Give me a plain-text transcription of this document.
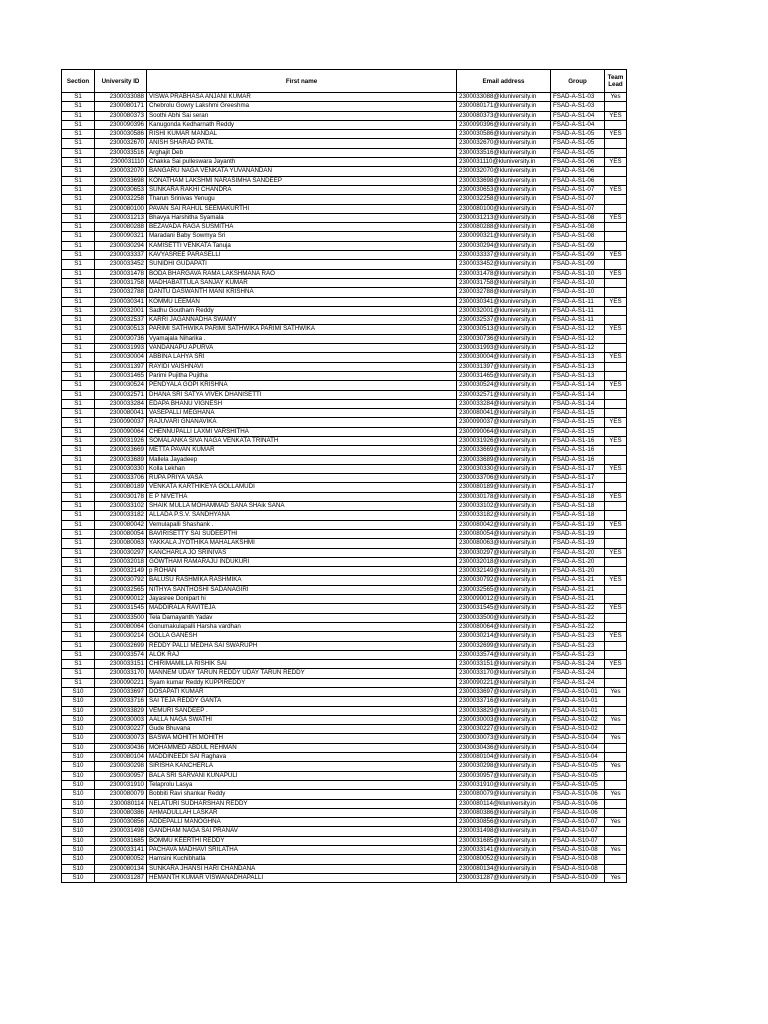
Section	University ID	First name	Email address	Group	Team Lead
S1	2300033088	VISWA PRABHASA ANJANI KUMAR	2300033088@kluniversity.in	FSAD-A-S1-03	Yes
S1	2300080171	Chebrolu Gowry Lakshmi Greeshma	2300080171@kluniversity.in	FSAD-A-S1-03	
S1	2300080373	Soothi Abhi Sai seran	2300080373@kluniversity.in	FSAD-A-S1-04	YES
S1	2300090396	Kanugonda Kedharnath Reddy	2300090396@kluniversity.in	FSAD-A-S1-04	
S1	2300030586	RISHI KUMAR MANDAL	2300030586@kluniversity.in	FSAD-A-S1-05	YES
S1	2300032670	ANISH SHARAD PATIL	2300032670@kluniversity.in	FSAD-A-S1-05	
S1	2300033516	Arghajit Deb	2300033516@kluniversity.in	FSAD-A-S1-05	
S1	2300031110	Chakka Sai pulleswara Jayanth	2300031110@kluniversity.in	FSAD-A-S1-06	YES
S1	2300032070	BANGARU NAGA VENKATA YUVANANDAN	2300032070@kluniversity.in	FSAD-A-S1-06	
S1	2300033698	KONATHAM LAKSHMI NARASIMHA SANDEEP	2300033698@kluniversity.in	FSAD-A-S1-06	
S1	2300030653	SUNKARA RAKHI CHANDRA	2300030653@kluniversity.in	FSAD-A-S1-07	YES
S1	2300032258	Tharun Srinivas Yenugu	2300032258@kluniversity.in	FSAD-A-S1-07	
S1	2300080100	PAVAN SAI RAHUL SEEMAKURTHI	2300080100@kluniversity.in	FSAD-A-S1-07	
S1	2300031213	Bhavya Harshitha Syamala	2300031213@kluniversity.in	FSAD-A-S1-08	YES
S1	2300080288	BEZAVADA RAGA SUSMITHA	2300080288@kluniversity.in	FSAD-A-S1-08	
S1	2300090321	Maradani Baby Sowmya Sri	2300090321@kluniversity.in	FSAD-A-S1-08	
S1	2300030294	KAMISETTI VENKATA Tanuja	2300030294@kluniversity.in	FSAD-A-S1-09	
S1	2300033337	KAVYASREE PARASELLI	2300033337@kluniversity.in	FSAD-A-S1-09	YES
S1	2300033452	SUNIDHI GUDAPATI	2300033452@kluniversity.in	FSAD-A-S1-09	
S1	2300031478	BODA BHARGAVA RAMA LAKSHMANA RAO	2300031478@kluniversity.in	FSAD-A-S1-10	YES
S1	2300031758	MADHABATTULA SANJAY KUMAR	2300031758@kluniversity.in	FSAD-A-S1-10	
S1	2300032788	DANTU DASWANTH MANI KRISHNA	2300032788@kluniversity.in	FSAD-A-S1-10	
S1	2300030341	KOMMU LEEMAN	2300030341@kluniversity.in	FSAD-A-S1-11	YES
S1	2300032001	Sadhu Goutham Reddy	2300032001@kluniversity.in	FSAD-A-S1-11	
S1	2300032537	KARRI JAGANNADHA SWAMY	2300032537@kluniversity.in	FSAD-A-S1-11	
S1	2300030513	PARIMI SATHWIKA PARIMI SATHWIKA PARIMI SATHWIKA	2300030513@kluniversity.in	FSAD-A-S1-12	YES
S1	2300030736	Vyamajala Niharika .	2300030736@kluniversity.in	FSAD-A-S1-12	
S1	2300031993	VANDANAPU APURVA	2300031993@kluniversity.in	FSAD-A-S1-12	
S1	2300030004	ABBINA LAHYA SRI	2300030004@kluniversity.in	FSAD-A-S1-13	YES
S1	2300031397	RAYIDI VAISHNAVI	2300031397@kluniversity.in	FSAD-A-S1-13	
S1	2300031465	Parimi Pujitha Pujitha	2300031465@kluniversity.in	FSAD-A-S1-13	
S1	2300030524	PENDYALA GOPI KRISHNA	2300030524@kluniversity.in	FSAD-A-S1-14	YES
S1	2300032571	DHANA SRI SATYA VIVEK DHANISETTI	2300032571@kluniversity.in	FSAD-A-S1-14	
S1	2300033284	EDAPA BHANU VIGNESH	2300033284@kluniversity.in	FSAD-A-S1-14	
S1	2300080041	VASEPALLI MEGHANA	2300080041@kluniversity.in	FSAD-A-S1-15	
S1	2300090037	RAJUVARI GNANAVIKA	2300090037@kluniversity.in	FSAD-A-S1-15	YES
S1	2300090064	CHENNUPALLI LAXMI VARSHITHA	2300090064@kluniversity.in	FSAD-A-S1-15	
S1	2300031926	SOMALANKA SIVA NAGA VENKATA TRINATH	2300031926@kluniversity.in	FSAD-A-S1-16	YES
S1	2300033669	METTA PAVAN KUMAR	2300033669@kluniversity.in	FSAD-A-S1-16	
S1	2300033689	Mallela Jayadeep	2300033689@kluniversity.in	FSAD-A-S1-16	
S1	2300030330	Kolla Lekhan	2300030330@kluniversity.in	FSAD-A-S1-17	YES
S1	2300033706	RUPA PRIYA VASA	2300033706@kluniversity.in	FSAD-A-S1-17	
S1	2300080189	VENKATA KARTHIKEYA GOLLAMUDI	2300080189@kluniversity.in	FSAD-A-S1-17	
S1	2300030178	E P NIVETHA	2300030178@kluniversity.in	FSAD-A-S1-18	YES
S1	2300033102	SHAIK MULLA MOHAMMAD SANA SHAik SANA	2300033102@kluniversity.in	FSAD-A-S1-18	
S1	2300033182	ALLADA P.S.V. SANDHYANA	2300033182@kluniversity.in	FSAD-A-S1-18	
S1	2300080042	Vemulapalli Shashank .	2300080042@kluniversity.in	FSAD-A-S1-19	YES
S1	2300080054	BAVIRISETTY SAI SUDEEPTHI	2300080054@kluniversity.in	FSAD-A-S1-19	
S1	2300080063	YAKKALA JYOTHIKA MAHALAKSHMI	2300080063@kluniversity.in	FSAD-A-S1-19	
S1	2300030297	KANCHARLA JO SRINIVAS	2300030297@kluniversity.in	FSAD-A-S1-20	YES
S1	2300032018	GOWTHAM RAMARAJU INDUKURI	2300032018@kluniversity.in	FSAD-A-S1-20	
S1	2300032149	p ROHAN	2300032149@kluniversity.in	FSAD-A-S1-20	
S1	2300030792	BALUSU RASHMIKA RASHMIKA	2300030792@kluniversity.in	FSAD-A-S1-21	YES
S1	2300032565	NITHYA SANTHOSHI SADANAGIRI	2300032565@kluniversity.in	FSAD-A-S1-21	
S1	2300090012	Jayasree Donipart hi	2300090012@kluniversity.in	FSAD-A-S1-21	
S1	2300031545	MADDIRALA RAVITEJA	2300031545@kluniversity.in	FSAD-A-S1-22	YES
S1	2300033500	Tela Damayanth Yadav	2300033500@kluniversity.in	FSAD-A-S1-22	
S1	2300080064	Gonumakulapalli Harsha vardhan	2300080064@kluniversity.in	FSAD-A-S1-22	
S1	2300030214	GOLLA GANESH	2300030214@kluniversity.in	FSAD-A-S1-23	YES
S1	2300032699	REDDY PALLI MEDHA SAI SWARUPH	2300032699@kluniversity.in	FSAD-A-S1-23	
S1	2300033574	ALOK RAJ	2300033574@kluniversity.in	FSAD-A-S1-23	
S1	2300033151	CHIRIMAMILLA RISHIK SAI	2300033151@kluniversity.in	FSAD-A-S1-24	YES
S1	2300033170	MANNEM UDAY TARUN REDDY UDAY TARUN REDDY	2300033170@kluniversity.in	FSAD-A-S1-24	
S1	2300090221	Syam kumar Reddy KUPPIREDDY	2300090221@kluniversity.in	FSAD-A-S1-24	
S10	2300033697	DOSAPATI KUMAR	2300033697@kluniversity.in	FSAD-A-S10-01	Yes
S10	2300033716	SAI TEJA REDDY GANTA	2300033716@kluniversity.in	FSAD-A-S10-01	
S10	2300033829	VEMURI SANDEEP .	2300033829@kluniversity.in	FSAD-A-S10-01	
S10	2300030003	AALLA NAGA SWATHI	2300030003@kluniversity.in	FSAD-A-S10-02	Yes
S10	2300030227	Gude Bhuvana	2300030227@kluniversity.in	FSAD-A-S10-02	
S10	2300030073	BASWA MOHITH MOHITH	2300030073@kluniversity.in	FSAD-A-S10-04	Yes
S10	2300030436	MOHAMMED ABDUL REHMAN	2300030436@kluniversity.in	FSAD-A-S10-04	
S10	2300080104	MADDINEEDI SAI Raghava	2300080104@kluniversity.in	FSAD-A-S10-04	
S10	2300030298	SIRISHA KANCHERLA	2300030298@kluniversity.in	FSAD-A-S10-05	Yes
S10	2300030957	BALA SRI SARVANI KUNAPULI	2300030957@kluniversity.in	FSAD-A-S10-05	
S10	2300031910	Telaprolu Lasya	2300031910@kluniversity.in	FSAD-A-S10-05	
S10	2300080079	Bobbiti Ravi shankar Reddy	2300080079@kluniversity.in	FSAD-A-S10-06	Yes
S10	2300080114	NELATURI SUDHARSHAN REDDY	2300080114@kluniversity.in	FSAD-A-S10-06	
S10	2300080386	AHMADULLAH LASKAR	2300080386@kluniversity.in	FSAD-A-S10-06	
S10	2300030856	ADDEPALLI MANOGHNA	2300030856@kluniversity.in	FSAD-A-S10-07	Yes
S10	2300031498	GANDHAM NAGA SAI PRANAV	2300031498@kluniversity.in	FSAD-A-S10-07	
S10	2300031685	BOMMU KEERTHI REDDY	2300031685@kluniversity.in	FSAD-A-S10-07	
S10	2300033141	PACHAVA MADHAVI SRILATHA	2300033141@kluniversity.in	FSAD-A-S10-08	Yes
S10	2300080052	Hamsini Kuchibhatla	2300080052@kluniversity.in	FSAD-A-S10-08	
S10	2300080134	SUNKARA JHANSI HARI CHANDANA	2300080134@kluniversity.in	FSAD-A-S10-08	
S10	2300031287	HEMANTH KUMAR VISWANADHAPALLI	2300031287@kluniversity.in	FSAD-A-S10-09	Yes
